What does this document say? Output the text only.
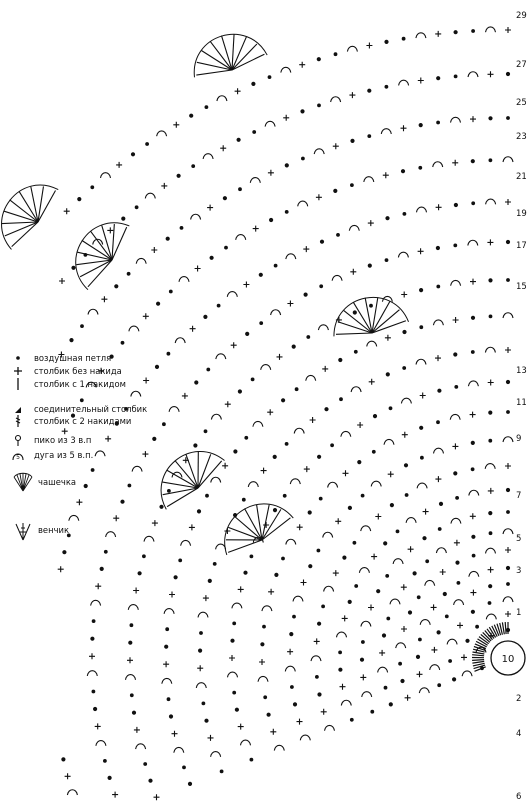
10
29
27
25
23
21
19
17
15
13
11
9
7
5
3
1
2
4
6
воздушная петля
столбик без накида
столбик с 1 накидом
соединительный столбик
столбик с 2 накидами
пико из 3 в.п
5 дуга из 5 в.п.
чашечка
венчик
